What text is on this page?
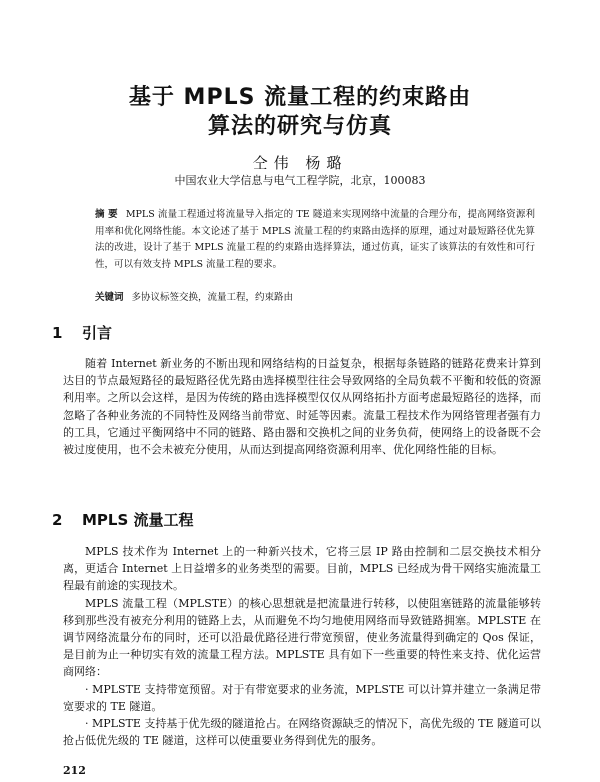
基于 MPLS 流量工程的约束路由
算法的研究与仿真
仝伟 杨璐
中国农业大学信息与电气工程学院，北京，100083
摘 要 MPLS 流量工程通过将流量导入指定的 TE 隧道来实现网络中流量的合理分布，提高网络资源利用率和优化网络性能。本文论述了基于 MPLS 流量工程的约束路由选择的原理，通过对最短路径优先算法的改进，设计了基于 MPLS 流量工程的约束路由选择算法，通过仿真，证实了该算法的有效性和可行性，可以有效支持 MPLS 流量工程的要求。
关键词 多协议标签交换，流量工程，约束路由
1 引言

随着 Internet 新业务的不断出现和网络结构的日益复杂，根据每条链路的链路花费来计算到达目的节点最短路径的最短路径优先路由选择模型往往会导致网络的全局负载不平衡和较低的资源利用率。之所以会这样，是因为传统的路由选择模型仅仅从网络拓扑方面考虑最短路径的选择，而忽略了各种业务流的不同特性及网络当前带宽、时延等因素。流量工程技术作为网络管理者强有力的工具，它通过平衡网络中不同的链路、路由器和交换机之间的业务负荷，使网络上的设备既不会被过度使用，也不会未被充分使用，从而达到提高网络资源利用率、优化网络性能的目标。

2 MPLS 流量工程

MPLS 技术作为 Internet 上的一种新兴技术，它将三层 IP 路由控制和二层交换技术相分离，更适合 Internet 上日益增多的业务类型的需要。目前，MPLS 已经成为骨干网络实施流量工程最有前途的实现技术。

MPLS 流量工程（MPLSTE）的核心思想就是把流量进行转移，以使阻塞链路的流量能够转移到那些没有被充分利用的链路上去，从而避免不均匀地使用网络而导致链路拥塞。MPLSTE 在调节网络流量分布的同时，还可以沿最优路径进行带宽预留，使业务流量得到确定的 Qos 保证，是目前为止一种切实有效的流量工程方法。MPLSTE 具有如下一些重要的特性来支持、优化运营商网络：

· MPLSTE 支持带宽预留。对于有带宽要求的业务流，MPLSTE 可以计算并建立一条满足带宽要求的 TE 隧道。

· MPLSTE 支持基于优先级的隧道抢占。在网络资源缺乏的情况下，高优先级的 TE 隧道可以抢占低优先级的 TE 隧道，这样可以使重要业务得到优先的服务。

212
